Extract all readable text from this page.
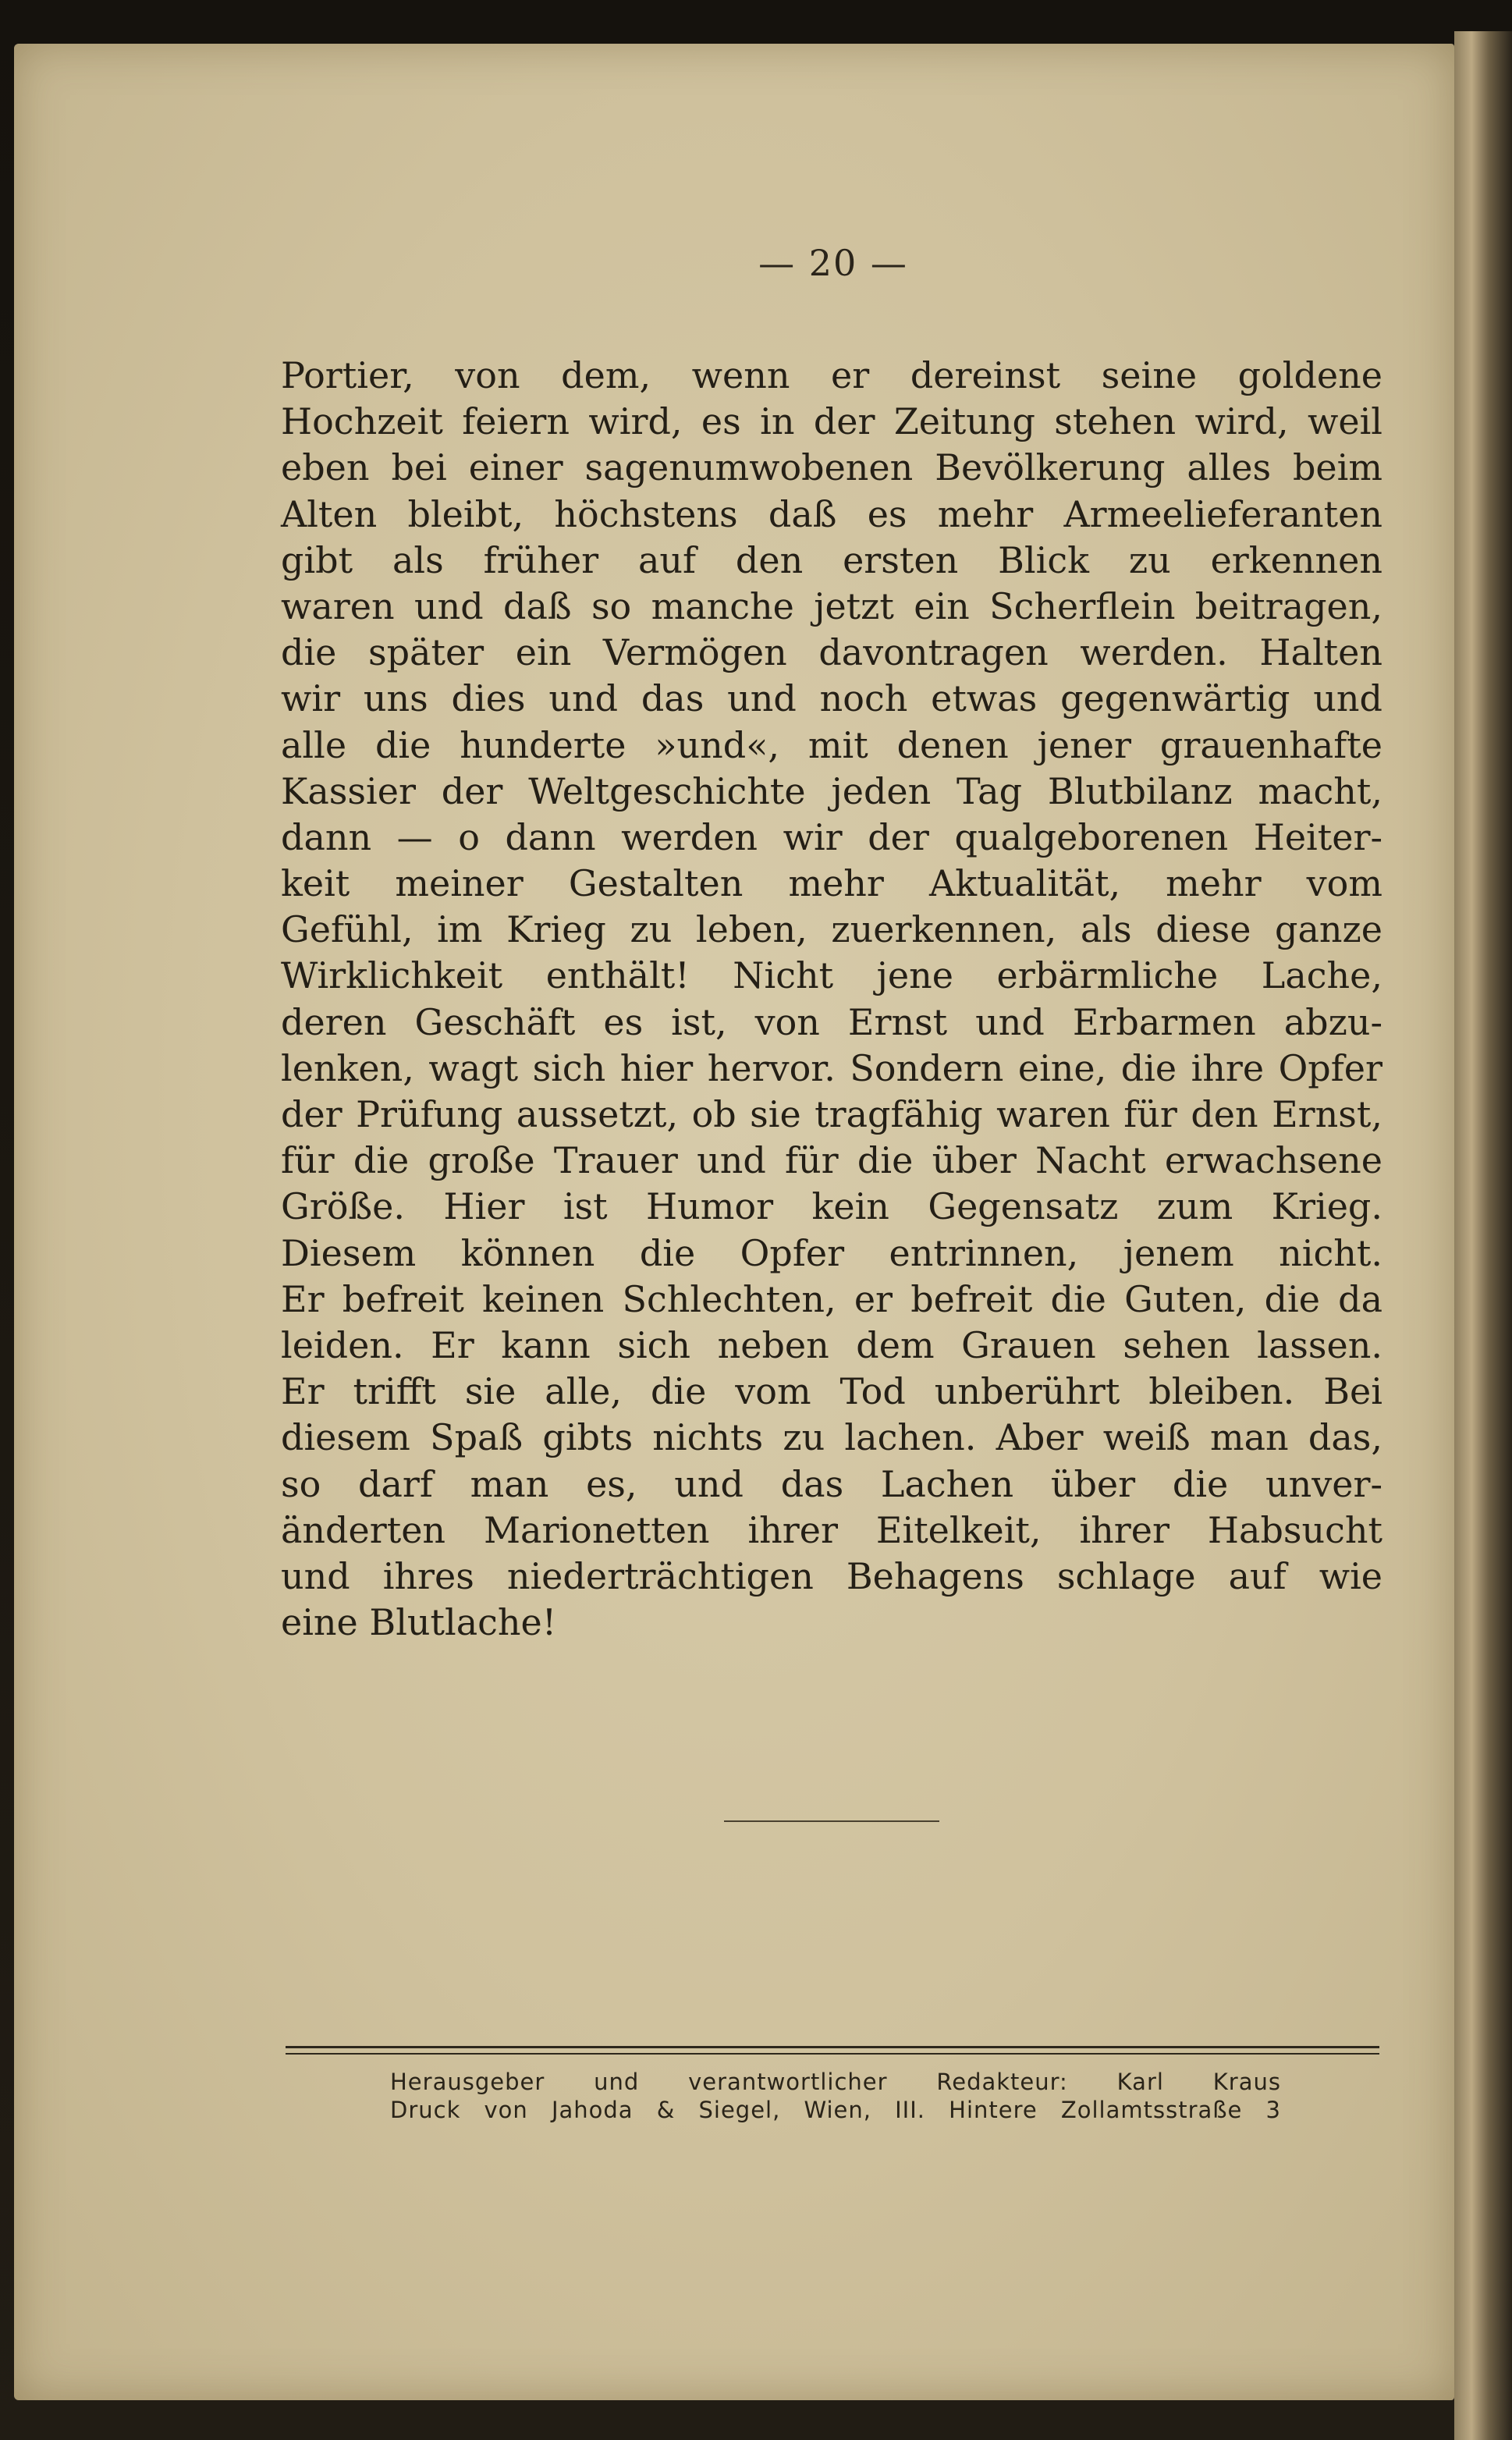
— 20 —
Portier, von dem, wenn er dereinst seine goldene
Hochzeit feiern wird, es in der Zeitung stehen wird, weil
eben bei einer sagenumwobenen Bevölkerung alles beim
Alten bleibt, höchstens daß es mehr Armeelieferanten
gibt als früher auf den ersten Blick zu erkennen
waren und daß so manche jetzt ein Scherflein beitragen,
die später ein Vermögen davontragen werden. Halten
wir uns dies und das und noch etwas gegenwärtig und
alle die hunderte »und«, mit denen jener grauenhafte
Kassier der Weltgeschichte jeden Tag Blutbilanz macht,
dann — o dann werden wir der qualgeborenen Heiter-
keit meiner Gestalten mehr Aktualität, mehr vom
Gefühl, im Krieg zu leben, zuerkennen, als diese ganze
Wirklichkeit enthält! Nicht jene erbärmliche Lache,
deren Geschäft es ist, von Ernst und Erbarmen abzu-
lenken, wagt sich hier hervor. Sondern eine, die ihre Opfer
der Prüfung aussetzt, ob sie tragfähig waren für den Ernst,
für die große Trauer und für die über Nacht erwachsene
Größe. Hier ist Humor kein Gegensatz zum Krieg.
Diesem können die Opfer entrinnen, jenem nicht.
Er befreit keinen Schlechten, er befreit die Guten, die da
leiden. Er kann sich neben dem Grauen sehen lassen.
Er trifft sie alle, die vom Tod unberührt bleiben. Bei
diesem Spaß gibts nichts zu lachen. Aber weiß man das,
so darf man es, und das Lachen über die unver-
änderten Marionetten ihrer Eitelkeit, ihrer Habsucht
und ihres niederträchtigen Behagens schlage auf wie
eine Blutlache!
Herausgeber und verantwortlicher Redakteur: Karl Kraus
Druck von Jahoda & Siegel, Wien, III. Hintere Zollamtsstraße 3
